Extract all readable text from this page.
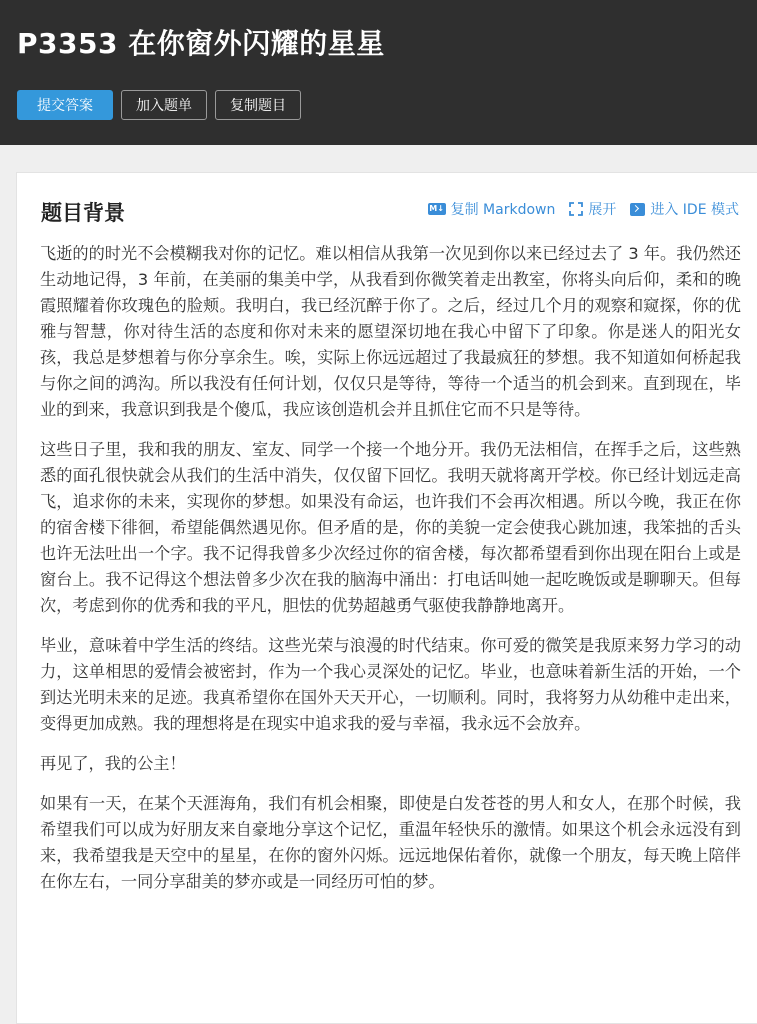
P3353 在你窗外闪耀的星星
提交答案	加入题单	复制题目
题目背景	M↓ 复制 Markdown 展开 进入 IDE 模式

飞逝的的时光不会模糊我对你的记忆。难以相信从我第一次见到你以来已经过去了 3 年。我仍然还生动地记得，3 年前，在美丽的集美中学，从我看到你微笑着走出教室，你将头向后仰，柔和的晚霞照耀着你玫瑰色的脸颊。我明白，我已经沉醉于你了。之后，经过几个月的观察和窥探，你的优雅与智慧，你对待生活的态度和你对未来的愿望深切地在我心中留下了印象。你是迷人的阳光女孩，我总是梦想着与你分享余生。唉，实际上你远远超过了我最疯狂的梦想。我不知道如何桥起我与你之间的鸿沟。所以我没有任何计划，仅仅只是等待，等待一个适当的机会到来。直到现在，毕业的到来，我意识到我是个傻瓜，我应该创造机会并且抓住它而不只是等待。

这些日子里，我和我的朋友、室友、同学一个接一个地分开。我仍无法相信，在挥手之后，这些熟悉的面孔很快就会从我们的生活中消失，仅仅留下回忆。我明天就将离开学校。你已经计划远走高飞，追求你的未来，实现你的梦想。如果没有命运，也许我们不会再次相遇。所以今晚，我正在你的宿舍楼下徘徊，希望能偶然遇见你。但矛盾的是，你的美貌一定会使我心跳加速，我笨拙的舌头也许无法吐出一个字。我不记得我曾多少次经过你的宿舍楼，每次都希望看到你出现在阳台上或是窗台上。我不记得这个想法曾多少次在我的脑海中涌出：打电话叫她一起吃晚饭或是聊聊天。但每次，考虑到你的优秀和我的平凡，胆怯的优势超越勇气驱使我静静地离开。

毕业，意味着中学生活的终结。这些光荣与浪漫的时代结束。你可爱的微笑是我原来努力学习的动力，这单相思的爱情会被密封，作为一个我心灵深处的记忆。毕业，也意味着新生活的开始，一个到达光明未来的足迹。我真希望你在国外天天开心，一切顺利。同时，我将努力从幼稚中走出来，变得更加成熟。我的理想将是在现实中追求我的爱与幸福，我永远不会放弃。

再见了，我的公主！

如果有一天，在某个天涯海角，我们有机会相聚，即使是白发苍苍的男人和女人，在那个时候，我希望我们可以成为好朋友来自豪地分享这个记忆，重温年轻快乐的激情。如果这个机会永远没有到来，我希望我是天空中的星星，在你的窗外闪烁。远远地保佑着你，就像一个朋友，每天晚上陪伴在你左右，一同分享甜美的梦亦或是一同经历可怕的梦。
